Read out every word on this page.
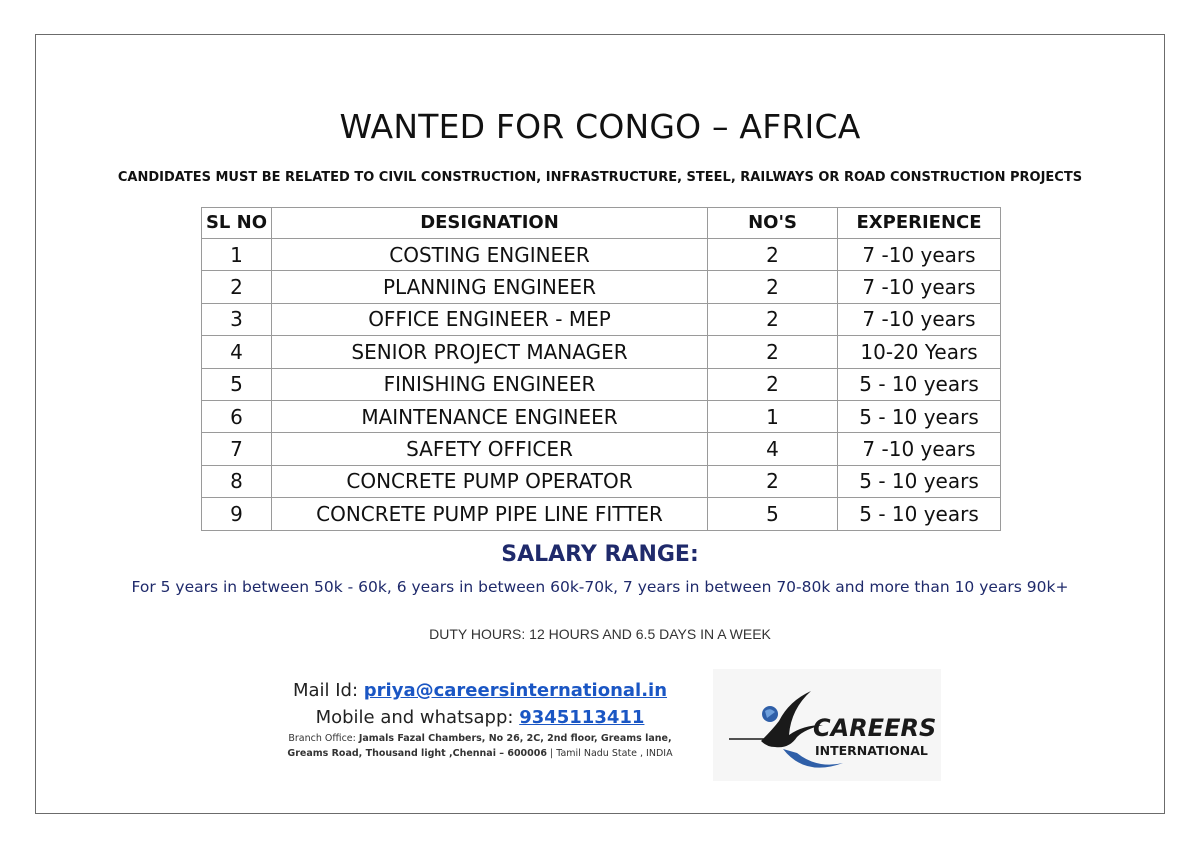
WANTED FOR CONGO – AFRICA
CANDIDATES MUST BE RELATED TO CIVIL CONSTRUCTION, INFRASTRUCTURE, STEEL, RAILWAYS OR ROAD CONSTRUCTION PROJECTS
SL NO	DESIGNATION	NO'S	EXPERIENCE
1	COSTING ENGINEER	2	7 -10 years
2	PLANNING ENGINEER	2	7 -10 years
3	OFFICE ENGINEER - MEP	2	7 -10 years
4	SENIOR PROJECT MANAGER	2	10-20 Years
5	FINISHING ENGINEER	2	5 - 10 years
6	MAINTENANCE ENGINEER	1	5 - 10 years
7	SAFETY OFFICER	4	7 -10 years
8	CONCRETE PUMP OPERATOR	2	5 - 10 years
9	CONCRETE PUMP PIPE LINE FITTER	5	5 - 10 years
SALARY RANGE:
For 5 years in between 50k - 60k, 6 years in between 60k-70k, 7 years in between 70-80k and more than 10 years 90k+
DUTY HOURS: 12 HOURS AND 6.5 DAYS IN A WEEK
Mail Id: priya@careersinternational.in
Mobile and whatsapp: 9345113411
Branch Office: Jamals Fazal Chambers, No 26, 2C, 2nd floor, Greams lane,
Greams Road, Thousand light ,Chennai – 600006 | Tamil Nadu State , INDIA
CAREERS
INTERNATIONAL
